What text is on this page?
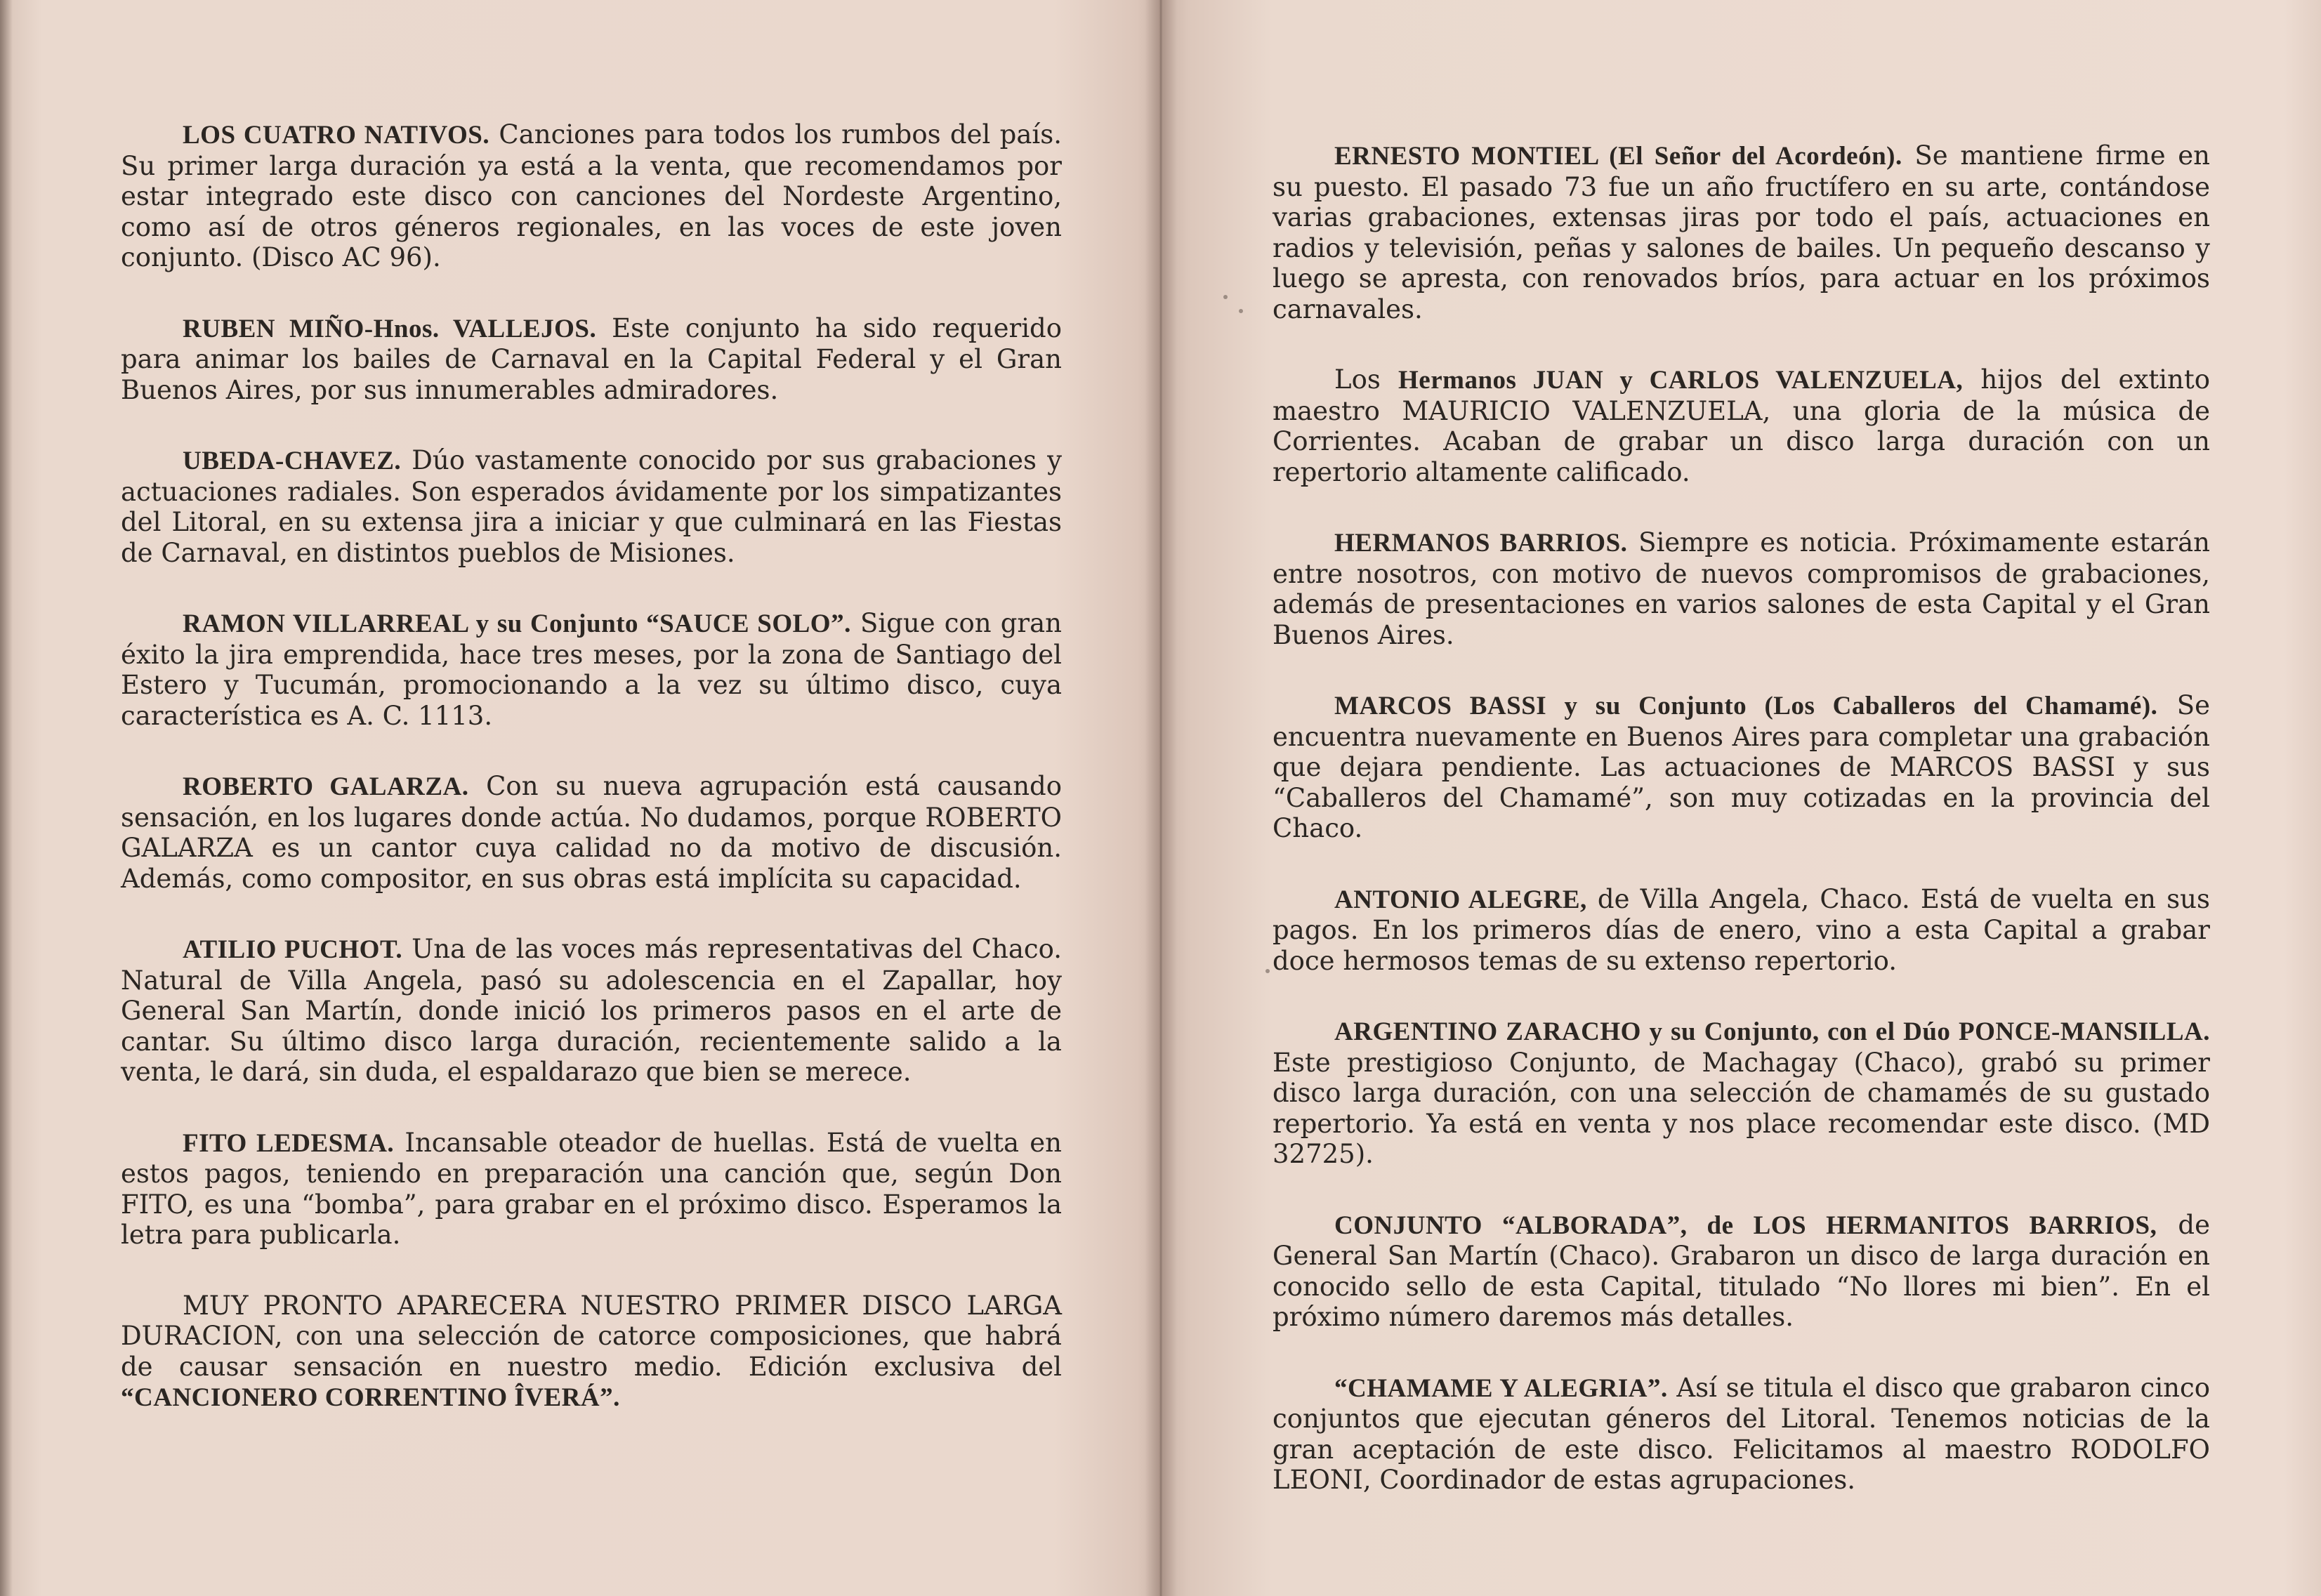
LOS CUATRO NATIVOS. Canciones para todos los rumbos del país. Su primer larga duración ya está a la venta, que recomendamos por estar integrado este disco con canciones del Nordeste Argentino, como así de otros géneros regionales, en las voces de este joven conjunto. (Disco AC 96).

RUBEN MIÑO-Hnos. VALLEJOS. Este conjunto ha sido requerido para animar los bailes de Carnaval en la Capital Federal y el Gran Buenos Aires, por sus innumerables admiradores.

UBEDA-CHAVEZ. Dúo vastamente conocido por sus grabaciones y actuaciones radiales. Son esperados ávidamente por los simpatizantes del Litoral, en su extensa jira a iniciar y que culminará en las Fiestas de Carnaval, en distintos pueblos de Misiones.

RAMON VILLARREAL y su Conjunto “SAUCE SOLO”. Sigue con gran éxito la jira emprendida, hace tres meses, por la zona de Santiago del Estero y Tucumán, promocionando a la vez su último disco, cuya característica es A. C. 1113.

ROBERTO GALARZA. Con su nueva agrupación está causando sensación, en los lugares donde actúa. No dudamos, porque ROBERTO GALARZA es un cantor cuya calidad no da motivo de discusión. Además, como compositor, en sus obras está implícita su capacidad.

ATILIO PUCHOT. Una de las voces más representativas del Chaco. Natural de Villa Angela, pasó su adolescencia en el Zapallar, hoy General San Martín, donde inició los primeros pasos en el arte de cantar. Su último disco larga duración, recientemente salido a la venta, le dará, sin duda, el espaldarazo que bien se merece.

FITO LEDESMA. Incansable oteador de huellas. Está de vuelta en estos pagos, teniendo en preparación una canción que, según Don FITO, es una “bomba”, para grabar en el próximo disco. Esperamos la letra para publicarla.

MUY PRONTO APARECERA NUESTRO PRIMER DISCO LARGA DURACION, con una selección de catorce composiciones, que habrá de causar sensación en nuestro medio. Edición exclusiva del “CANCIONERO CORRENTINO ÎVERÁ”.

ERNESTO MONTIEL (El Señor del Acordeón). Se mantiene firme en su puesto. El pasado 73 fue un año fructífero en su arte, contándose varias grabaciones, extensas jiras por todo el país, actuaciones en radios y televisión, peñas y salones de bailes. Un pequeño descanso y luego se apresta, con renovados bríos, para actuar en los próximos carnavales.

Los Hermanos JUAN y CARLOS VALENZUELA, hijos del extinto maestro MAURICIO VALENZUELA, una gloria de la música de Corrientes. Acaban de grabar un disco larga duración con un repertorio altamente calificado.

HERMANOS BARRIOS. Siempre es noticia. Próximamente estarán entre nosotros, con motivo de nuevos compromisos de grabaciones, además de presentaciones en varios salones de esta Capital y el Gran Buenos Aires.

MARCOS BASSI y su Conjunto (Los Caballeros del Chamamé). Se encuentra nuevamente en Buenos Aires para completar una grabación que dejara pendiente. Las actuaciones de MARCOS BASSI y sus “Caballeros del Chamamé”, son muy cotizadas en la provincia del Chaco.

ANTONIO ALEGRE, de Villa Angela, Chaco. Está de vuelta en sus pagos. En los primeros días de enero, vino a esta Capital a grabar doce hermosos temas de su extenso repertorio.

ARGENTINO ZARACHO y su Conjunto, con el Dúo PONCE-MANSILLA. Este prestigioso Conjunto, de Machagay (Chaco), grabó su primer disco larga duración, con una selección de chamamés de su gustado repertorio. Ya está en venta y nos place recomendar este disco. (MD 32725).

CONJUNTO “ALBORADA”, de LOS HERMANITOS BARRIOS, de General San Martín (Chaco). Grabaron un disco de larga duración en conocido sello de esta Capital, titulado “No llores mi bien”. En el próximo número daremos más detalles.

“CHAMAME Y ALEGRIA”. Así se titula el disco que grabaron cinco conjuntos que ejecutan géneros del Litoral. Tenemos noticias de la gran aceptación de este disco. Felicitamos al maestro RODOLFO LEONI, Coordinador de estas agrupaciones.
